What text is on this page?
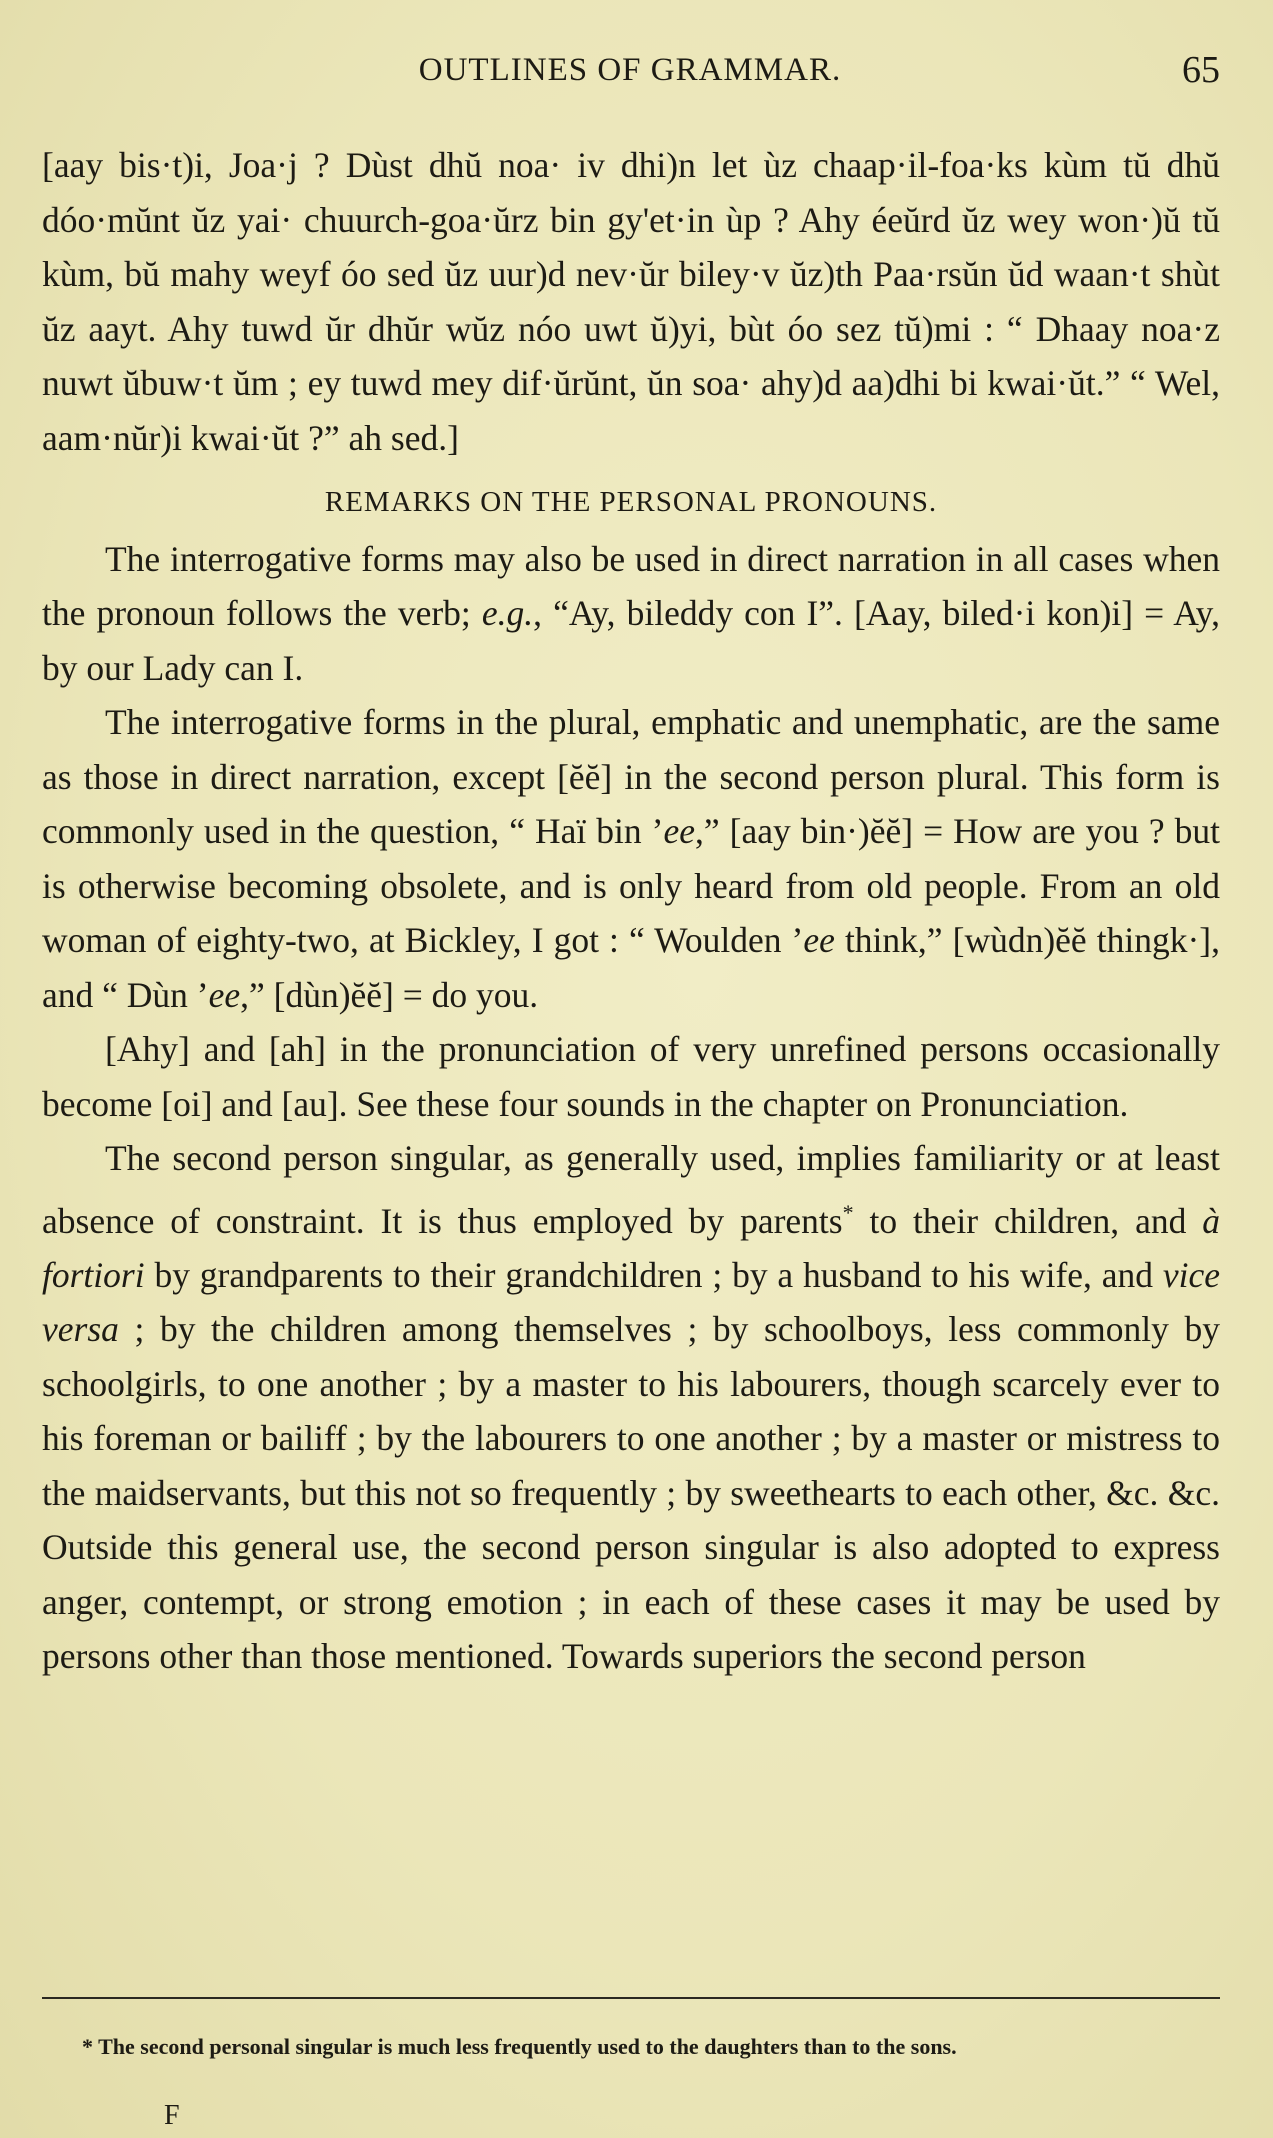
OUTLINES OF GRAMMAR.	65

[aay bis·t)i, Joa·j ? Dùst dhŭ noa· iv dhi)n let ùz chaap·il-foa·ks kùm tŭ dhŭ dóo·mŭnt ŭz yai· chuurch-goa·ŭrz bin gy'et·in ùp ? Ahy éeŭrd ŭz wey won·)ŭ tŭ kùm, bŭ mahy weyf óo sed ŭz uur)d nev·ŭr biley·v ŭz)th Paa·rsŭn ŭd waan·t shùt ŭz aayt. Ahy tuwd ŭr dhŭr wŭz nóo uwt ŭ)yi, bùt óo sez tŭ)mi : “ Dhaay noa·z nuwt ŭbuw·t ŭm ; ey tuwd mey dif·ŭrŭnt, ŭn soa· ahy)d aa)dhi bi kwai·ŭt.” “ Wel, aam·nŭr)i kwai·ŭt ?” ah sed.]

REMARKS ON THE PERSONAL PRONOUNS.

The interrogative forms may also be used in direct narration in all cases when the pronoun follows the verb; e.g., “Ay, bileddy con I”. [Aay, biled·i kon)i] = Ay, by our Lady can I.

The interrogative forms in the plural, emphatic and unemphatic, are the same as those in direct narration, except [ĕĕ] in the second person plural. This form is commonly used in the question, “ Haï bin ’ee,” [aay bin·)ĕĕ] = How are you ? but is otherwise becoming obsolete, and is only heard from old people. From an old woman of eighty-two, at Bickley, I got : “ Woulden ’ee think,” [wùdn)ĕĕ thingk·], and “ Dùn ’ee,” [dùn)ĕĕ] = do you.

[Ahy] and [ah] in the pronunciation of very unrefined persons occasionally become [oi] and [au]. See these four sounds in the chapter on Pronunciation.

The second person singular, as generally used, implies familiarity or at least absence of constraint. It is thus employed by parents* to their children, and à fortiori by grandparents to their grandchildren ; by a husband to his wife, and vice versa ; by the children among themselves ; by schoolboys, less commonly by schoolgirls, to one another ; by a master to his labourers, though scarcely ever to his foreman or bailiff ; by the labourers to one another ; by a master or mistress to the maidservants, but this not so frequently ; by sweethearts to each other, &c. &c. Outside this general use, the second person singular is also adopted to express anger, contempt, or strong emotion ; in each of these cases it may be used by persons other than those mentioned. Towards superiors the second person

* The second personal singular is much less frequently used to the daughters than to the sons.
F
